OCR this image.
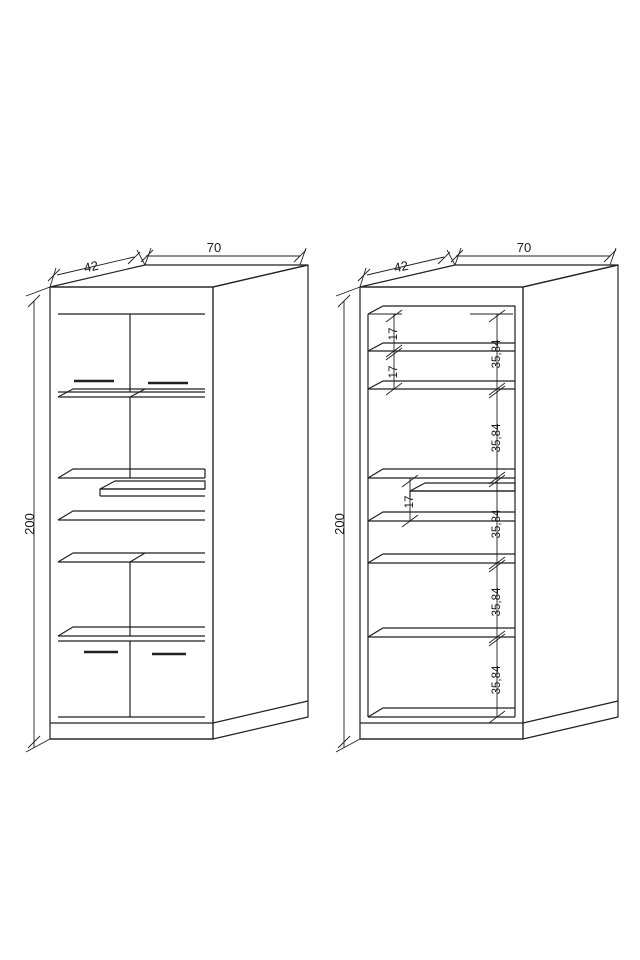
70
42
200
70
42
200
17
17
17
35,84
35,84
35,84
35,84
35,84
